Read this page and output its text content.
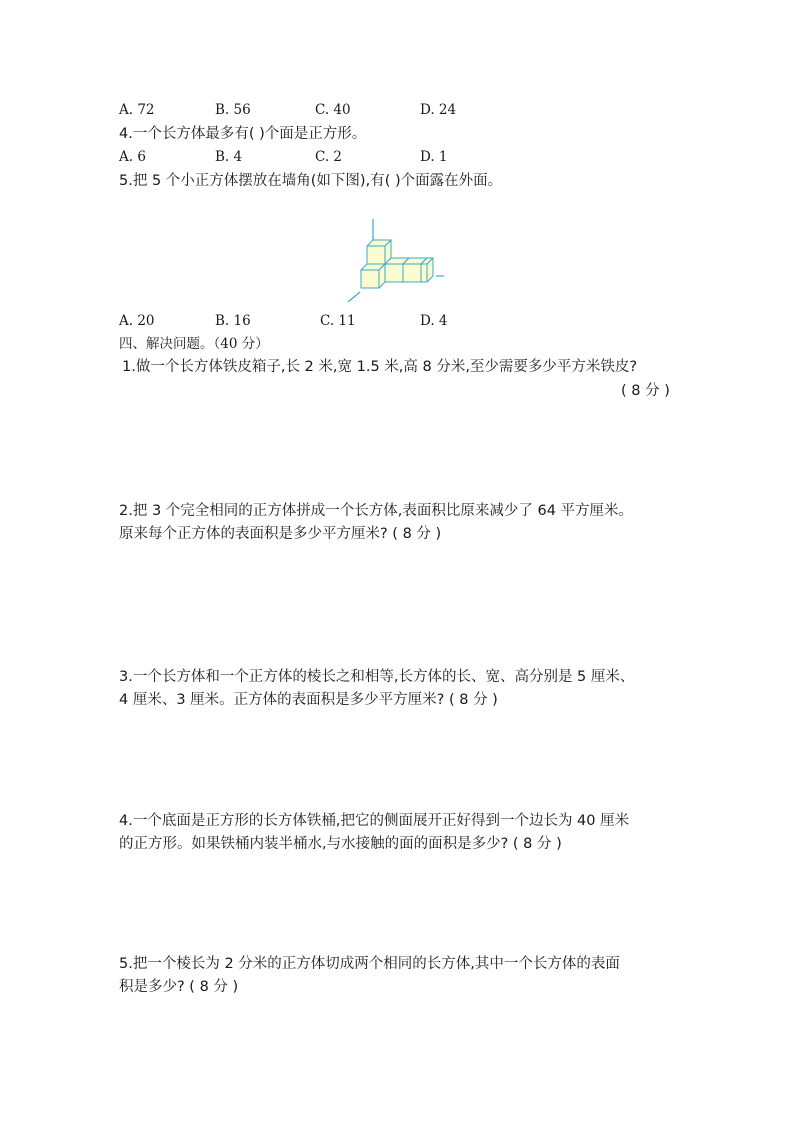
A. 72	B. 56	C. 40	D. 24
4.一个长方体最多有( )个面是正方形。
A. 6	B. 4	C. 2	D. 1
5.把 5 个小正方体摆放在墙角(如下图),有( )个面露在外面。
A. 20	B. 16	C. 11	D. 4
四、解决问题。（40 分）
1.做一个长方体铁皮箱子,长 2 米,宽 1.5 米,高 8 分米,至少需要多少平方米铁皮?
( 8 分 )
2.把 3 个完全相同的正方体拼成一个长方体,表面积比原来减少了 64 平方厘米。
原来每个正方体的表面积是多少平方厘米? ( 8 分 )
3.一个长方体和一个正方体的棱长之和相等,长方体的长、宽、高分别是 5 厘米、
4 厘米、3 厘米。正方体的表面积是多少平方厘米? ( 8 分 )
4.一个底面是正方形的长方体铁桶,把它的侧面展开正好得到一个边长为 40 厘米
的正方形。如果铁桶内装半桶水,与水接触的面的面积是多少? ( 8 分 )
5.把一个棱长为 2 分米的正方体切成两个相同的长方体,其中一个长方体的表面
积是多少? ( 8 分 )
